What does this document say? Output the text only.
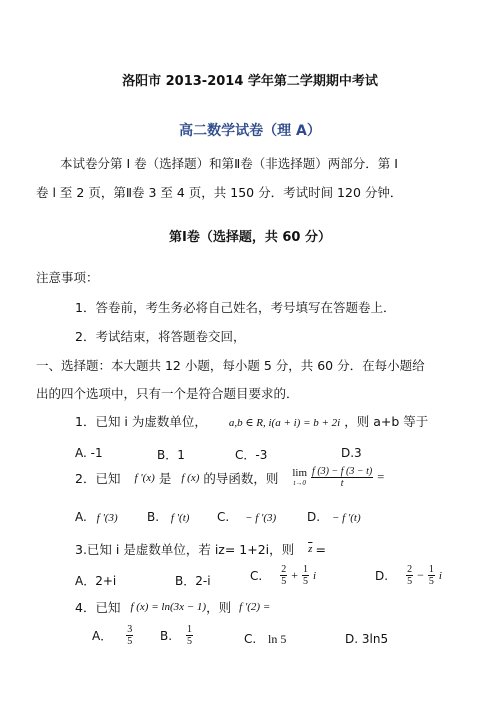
洛阳市 2013-2014 学年第二学期期中考试
高二数学试卷（理 A）
本试卷分第 Ⅰ 卷（选择题）和第Ⅱ卷（非选择题）两部分．第 Ⅰ
卷 l 至 2 页，第Ⅱ卷 3 至 4 页，共 150 分．考试时间 120 分钟．
第Ⅰ卷（选择题，共 60 分）
注意事项：
1．答卷前，考生务必将自己姓名，考号填写在答题卷上．
2．考试结束，将答题卷交回，
一、选择题：本大题共 12 小题，每小题 5 分，共 60 分．在每小题给
出的四个选项中，只有一个是符合题目要求的．
1．已知 i 为虚数单位， a,b ∈ R, i(a + i) = b + 2i ，则 a+b 等于
A. -1	B．1	C．-3	D.3
2．已知 f '(x) 是 f (x) 的导函数，则 lim
$t\to 0 \frac{f (3) - f (3 - t)}{t}$ =
A. f '(3) B. f '(t) C. − f '(3)	D. − f '(t)
3.已知 i 是虚数单位，若 iz= 1+2i，则 $\overline{z}$ =
A．2+i	B．2-i	C. $\frac{2}{5} + \frac{1}{5}$ i	D. $\frac{2}{5} - \frac{1}{5}$ i
4．已知 f (x) = ln(3x − 1) ，则 f '(2) =
A． $\frac{3}{5} B$. $\frac{1}{5}$	C. ln 5	D. 3ln5
